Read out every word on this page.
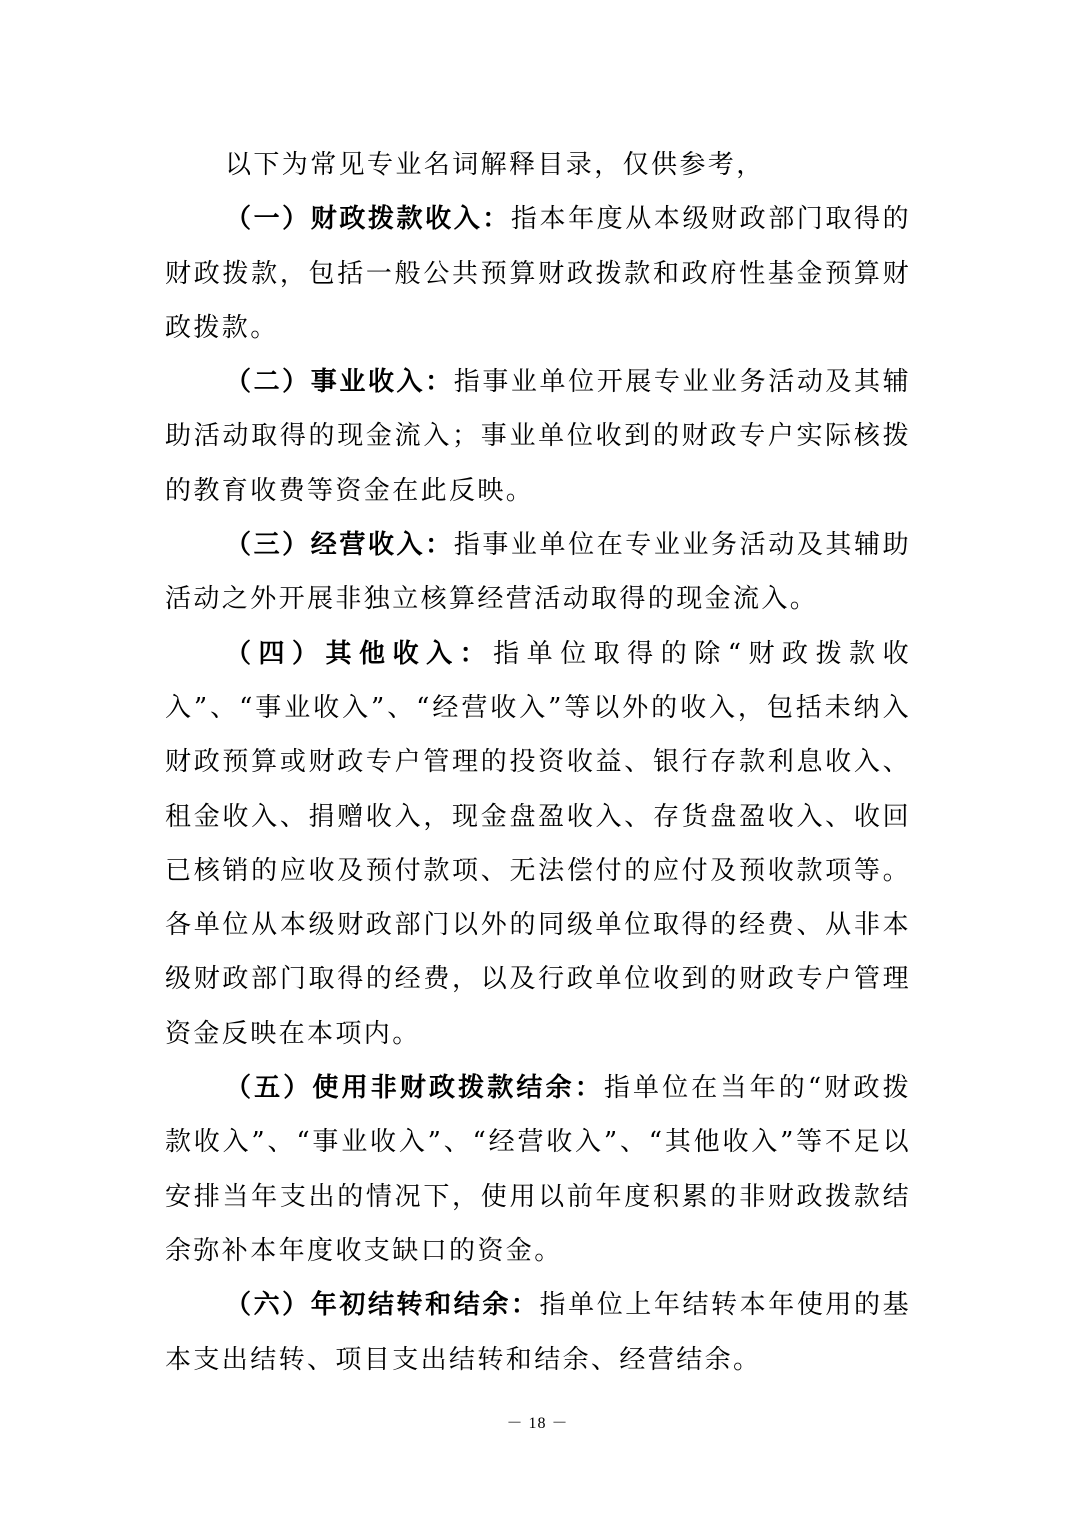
以下为常见专业名词解释目录，仅供参考，

（一）财政拨款收入：指本年度从本级财政部门取得的财政拨款，包括一般公共预算财政拨款和政府性基金预算财政拨款。

（二）事业收入：指事业单位开展专业业务活动及其辅助活动取得的现金流入；事业单位收到的财政专户实际核拨的教育收费等资金在此反映。

（三）经营收入：指事业单位在专业业务活动及其辅助活动之外开展非独立核算经营活动取得的现金流入。

（四）其他收入：指单位取得的除“财政拨款收入”、“事业收入”、“经营收入”等以外的收入，包括未纳入财政预算或财政专户管理的投资收益、银行存款利息收入、租金收入、捐赠收入，现金盘盈收入、存货盘盈收入、收回已核销的应收及预付款项、无法偿付的应付及预收款项等。各单位从本级财政部门以外的同级单位取得的经费、从非本级财政部门取得的经费，以及行政单位收到的财政专户管理资金反映在本项内。

（五）使用非财政拨款结余：指单位在当年的“财政拨款收入”、“事业收入”、“经营收入”、“其他收入”等不足以安排当年支出的情况下，使用以前年度积累的非财政拨款结余弥补本年度收支缺口的资金。

（六）年初结转和结余：指单位上年结转本年使用的基本支出结转、项目支出结转和结余、经营结余。

－ 18 －
